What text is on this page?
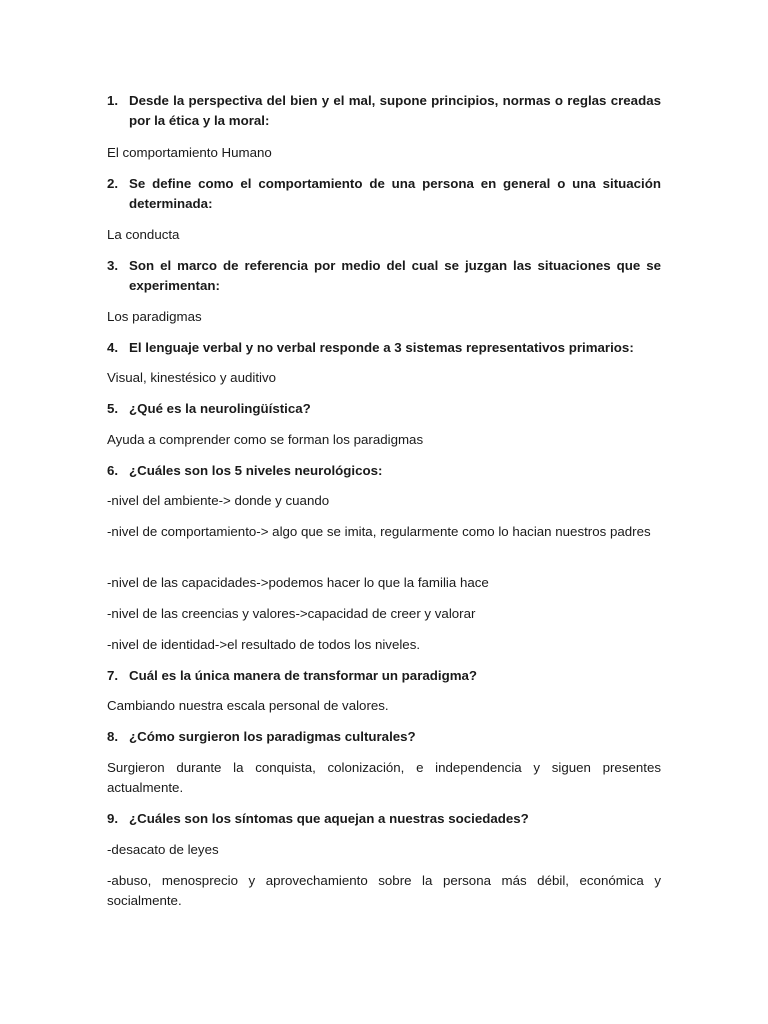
1. Desde la perspectiva del bien y el mal, supone principios, normas o reglas creadas por la ética y la moral:

El comportamiento Humano

2. Se define como el comportamiento de una persona en general o una situación determinada:

La conducta

3. Son el marco de referencia por medio del cual se juzgan las situaciones que se experimentan:

Los paradigmas

4. El lenguaje verbal y no verbal responde a 3 sistemas representativos primarios:

Visual, kinestésico y auditivo

5. ¿Qué es la neurolingüística?

Ayuda a comprender como se forman los paradigmas

6. ¿Cuáles son los 5 niveles neurológicos:

-nivel del ambiente-> donde y cuando

-nivel de comportamiento-> algo que se imita, regularmente como lo hacian nuestros padres

-nivel de las capacidades->podemos hacer lo que la familia hace

-nivel de las creencias y valores->capacidad de creer y valorar

-nivel de identidad->el resultado de todos los niveles.

7. Cuál es la única manera de transformar un paradigma?

Cambiando nuestra escala personal de valores.

8. ¿Cómo surgieron los paradigmas culturales?

Surgieron durante la conquista, colonización, e independencia y siguen presentes actualmente.

9. ¿Cuáles son los síntomas que aquejan a nuestras sociedades?

-desacato de leyes

-abuso, menosprecio y aprovechamiento sobre la persona más débil, económica y socialmente.
